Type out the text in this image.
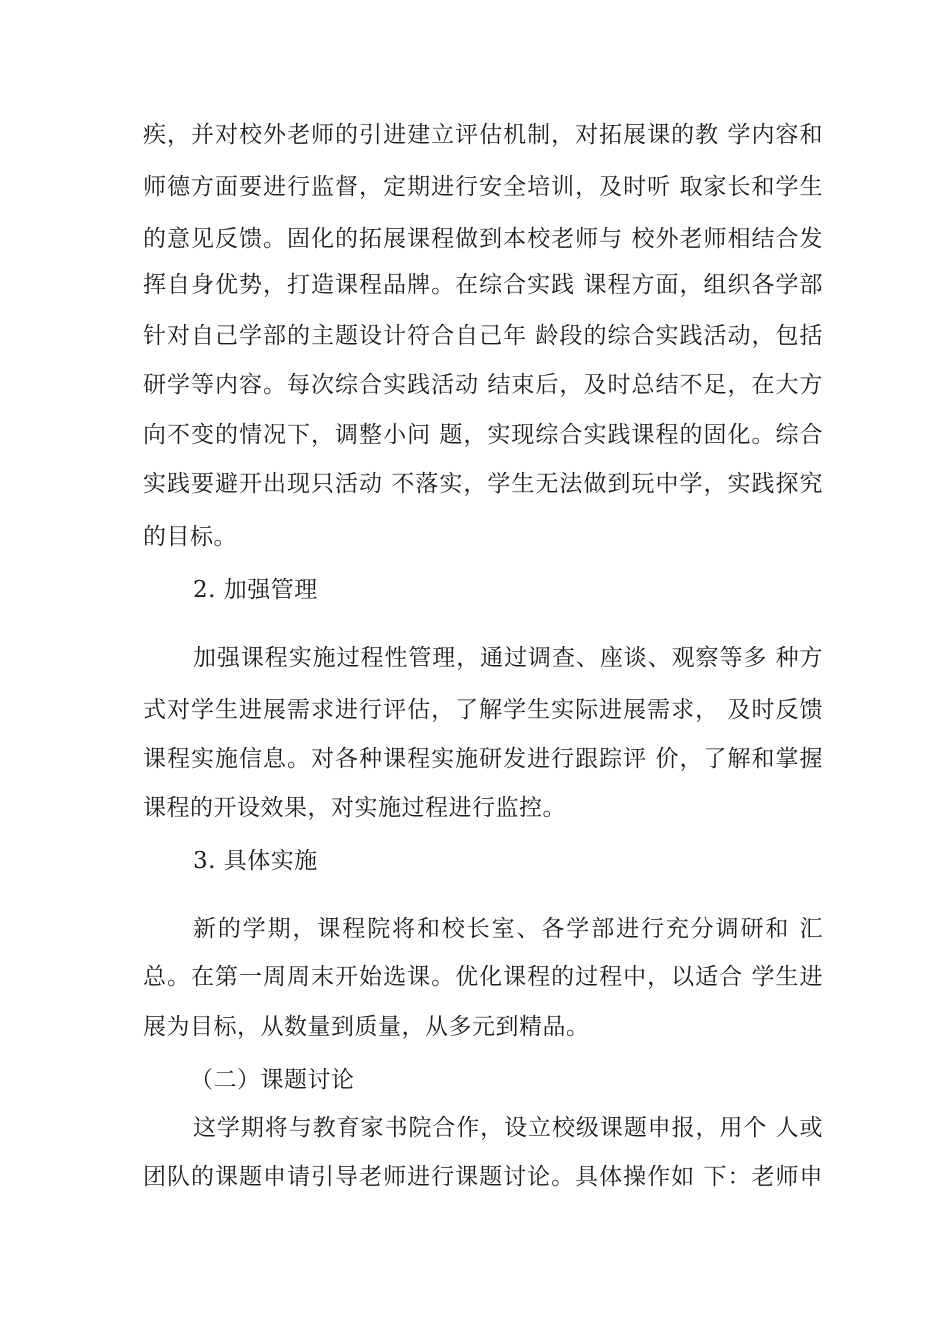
疾，并对校外老师的引进建立评估机制，对拓展课的教 学内容和
师德方面要进行监督，定期进行安全培训，及时听 取家长和学生
的意见反馈。固化的拓展课程做到本校老师与 校外老师相结合发
挥自身优势，打造课程品牌。在综合实践 课程方面，组织各学部
针对自己学部的主题设计符合自己年 龄段的综合实践活动，包括
研学等内容。每次综合实践活动 结束后，及时总结不足，在大方
向不变的情况下，调整小问 题，实现综合实践课程的固化。综合
实践要避开出现只活动 不落实，学生无法做到玩中学，实践探究
的目标。
2. 加强管理
加强课程实施过程性管理，通过调查、座谈、观察等多 种方
式对学生进展需求进行评估，了解学生实际进展需求， 及时反馈
课程实施信息。对各种课程实施研发进行跟踪评 价，了解和掌握
课程的开设效果，对实施过程进行监控。
3. 具体实施
新的学期，课程院将和校长室、各学部进行充分调研和 汇
总。在第一周周末开始选课。优化课程的过程中，以适合 学生进
展为目标，从数量到质量，从多元到精品。
（二）课题讨论
这学期将与教育家书院合作，设立校级课题申报，用个 人或
团队的课题申请引导老师进行课题讨论。具体操作如 下：老师申
